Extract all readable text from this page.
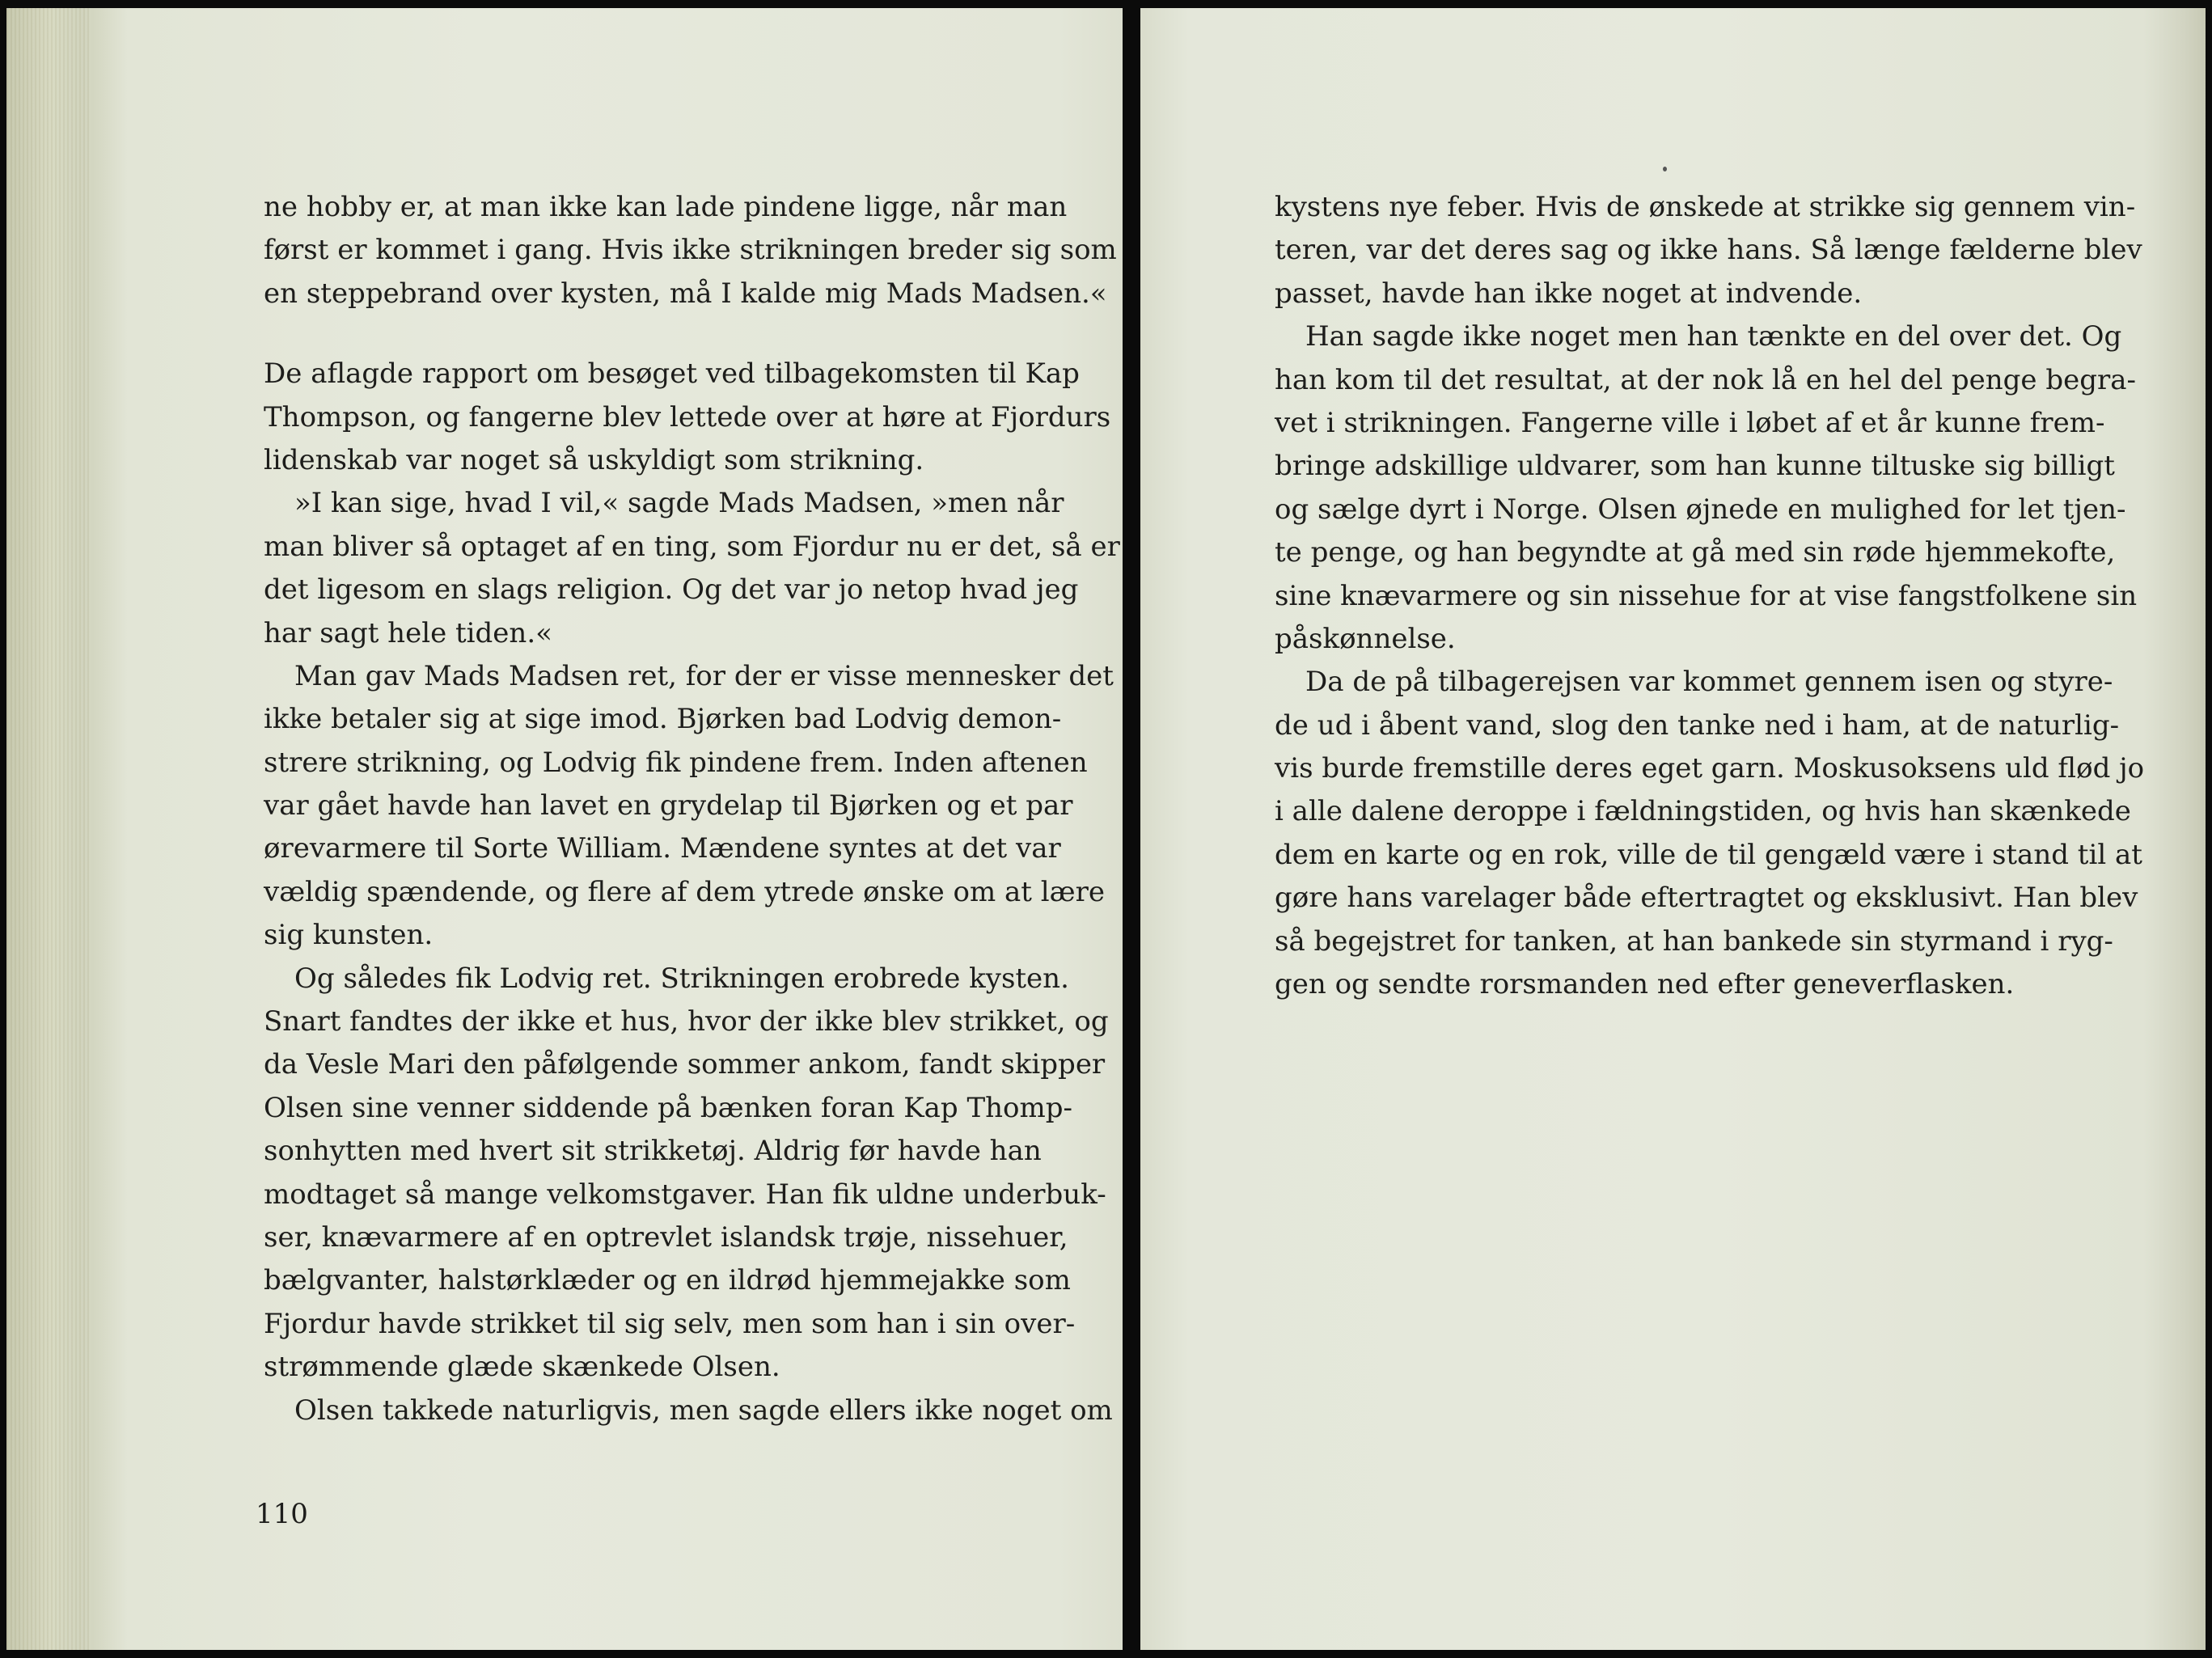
ne hobby er, at man ikke kan lade pindene ligge, når man
først er kommet i gang. Hvis ikke strikningen breder sig som
en steppebrand over kysten, må I kalde mig Mads Madsen.«
De aflagde rapport om besøget ved tilbagekomsten til Kap
Thompson, og fangerne blev lettede over at høre at Fjordurs
lidenskab var noget så uskyldigt som strikning.
»I kan sige, hvad I vil,« sagde Mads Madsen, »men når
man bliver så optaget af en ting, som Fjordur nu er det, så er
det ligesom en slags religion. Og det var jo netop hvad jeg
har sagt hele tiden.«
Man gav Mads Madsen ret, for der er visse mennesker det
ikke betaler sig at sige imod. Bjørken bad Lodvig demon-
strere strikning, og Lodvig fik pindene frem. Inden aftenen
var gået havde han lavet en grydelap til Bjørken og et par
ørevarmere til Sorte William. Mændene syntes at det var
vældig spændende, og flere af dem ytrede ønske om at lære
sig kunsten.
Og således fik Lodvig ret. Strikningen erobrede kysten.
Snart fandtes der ikke et hus, hvor der ikke blev strikket, og
da Vesle Mari den påfølgende sommer ankom, fandt skipper
Olsen sine venner siddende på bænken foran Kap Thomp-
sonhytten med hvert sit strikketøj. Aldrig før havde han
modtaget så mange velkomstgaver. Han fik uldne underbuk-
ser, knævarmere af en optrevlet islandsk trøje, nissehuer,
bælgvanter, halstørklæder og en ildrød hjemmejakke som
Fjordur havde strikket til sig selv, men som han i sin over-
strømmende glæde skænkede Olsen.
Olsen takkede naturligvis, men sagde ellers ikke noget om
110
kystens nye feber. Hvis de ønskede at strikke sig gennem vin-
teren, var det deres sag og ikke hans. Så længe fælderne blev
passet, havde han ikke noget at indvende.
Han sagde ikke noget men han tænkte en del over det. Og
han kom til det resultat, at der nok lå en hel del penge begra-
vet i strikningen. Fangerne ville i løbet af et år kunne frem-
bringe adskillige uldvarer, som han kunne tiltuske sig billigt
og sælge dyrt i Norge. Olsen øjnede en mulighed for let tjen-
te penge, og han begyndte at gå med sin røde hjemmekofte,
sine knævarmere og sin nissehue for at vise fangstfolkene sin
påskønnelse.
Da de på tilbagerejsen var kommet gennem isen og styre-
de ud i åbent vand, slog den tanke ned i ham, at de naturlig-
vis burde fremstille deres eget garn. Moskusoksens uld flød jo
i alle dalene deroppe i fældningstiden, og hvis han skænkede
dem en karte og en rok, ville de til gengæld være i stand til at
gøre hans varelager både eftertragtet og eksklusivt. Han blev
så begejstret for tanken, at han bankede sin styrmand i ryg-
gen og sendte rorsmanden ned efter geneverflasken.
